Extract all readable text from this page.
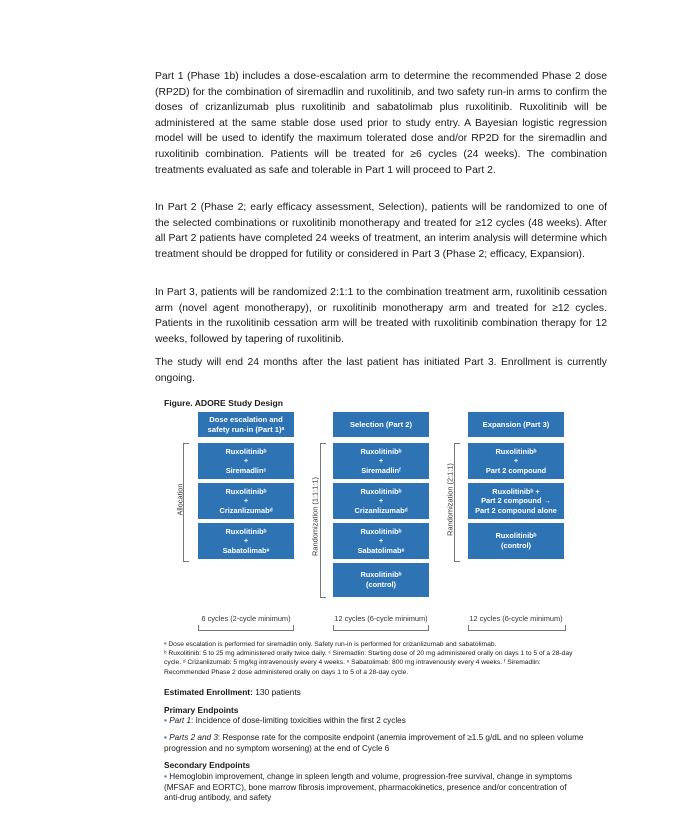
Part 1 (Phase 1b) includes a dose-escalation arm to determine the recommended Phase 2 dose (RP2D) for the combination of siremadlin and ruxolitinib, and two safety run-in arms to confirm the doses of crizanlizumab plus ruxolitinib and sabatolimab plus ruxolitinib. Ruxolitinib will be administered at the same stable dose used prior to study entry. A Bayesian logistic regression model will be used to identify the maximum tolerated dose and/or RP2D for the siremadlin and ruxolitinib combination. Patients will be treated for ≥6 cycles (24 weeks). The combination treatments evaluated as safe and tolerable in Part 1 will proceed to Part 2.

In Part 2 (Phase 2; early efficacy assessment, Selection), patients will be randomized to one of the selected combinations or ruxolitinib monotherapy and treated for ≥12 cycles (48 weeks). After all Part 2 patients have completed 24 weeks of treatment, an interim analysis will determine which treatment should be dropped for futility or considered in Part 3 (Phase 2; efficacy, Expansion).

In Part 3, patients will be randomized 2:1:1 to the combination treatment arm, ruxolitinib cessation arm (novel agent monotherapy), or ruxolitinib monotherapy arm and treated for ≥12 cycles. Patients in the ruxolitinib cessation arm will be treated with ruxolitinib combination therapy for 12 weeks, followed by tapering of ruxolitinib.

The study will end 24 months after the last patient has initiated Part 3. Enrollment is currently ongoing.

Figure. ADORE Study Design
Dose escalation and
safety run-in (Part 1)ᵃ
Allocation
Ruxolitinibᵇ
+
Siremadlinᶜ
Ruxolitinibᵇ
+
Crizanlizumabᵈ
Ruxolitinibᵇ
+
Sabatolimabᵉ
6 cycles (2-cycle minimum)
Selection (Part 2)
Randomization (1:1:1:1)
Ruxolitinibᵇ
+
Siremadlinᶠ
Ruxolitinibᵇ
+
Crizanlizumabᵈ
Ruxolitinibᵇ
+
Sabatolimabᵉ
Ruxolitinibᵇ
(control)
12 cycles (6-cycle minimum)
Expansion (Part 3)
Randomization (2:1:1)
Ruxolitinibᵇ
+
Part 2 compound
Ruxolitinibᵇ +
Part 2 compound →
Part 2 compound alone
Ruxolitinibᵇ
(control)
12 cycles (6-cycle minimum)

ᵃ Dose escalation is performed for siremadlin only. Safety run-in is performed for crizanlizumab and sabatolimab.

ᵇ Ruxolitinib: 5 to 25 mg administered orally twice daily. ᶜ Siremadlin: Starting dose of 20 mg administered orally on days 1 to 5 of a 28-day cycle. ᵈ Crizanlizumab: 5 mg/kg intravenously every 4 weeks. ᵉ Sabatolimab: 800 mg intravenously every 4 weeks. ᶠ Siremadlin: Recommended Phase 2 dose administered orally on days 1 to 5 of a 28-day cycle.

Estimated Enrollment: 130 patients
Primary Endpoints

▪ Part 1: Incidence of dose-limiting toxicities within the first 2 cycles

▪ Parts 2 and 3: Response rate for the composite endpoint (anemia improvement of ≥1.5 g/dL and no spleen volume progression and no symptom worsening) at the end of Cycle 6

Secondary Endpoints

▪ Hemoglobin improvement, change in spleen length and volume, progression-free survival, change in symptoms (MFSAF and EORTC), bone marrow fibrosis improvement, pharmacokinetics, presence and/or concentration of anti-drug antibody, and safety
